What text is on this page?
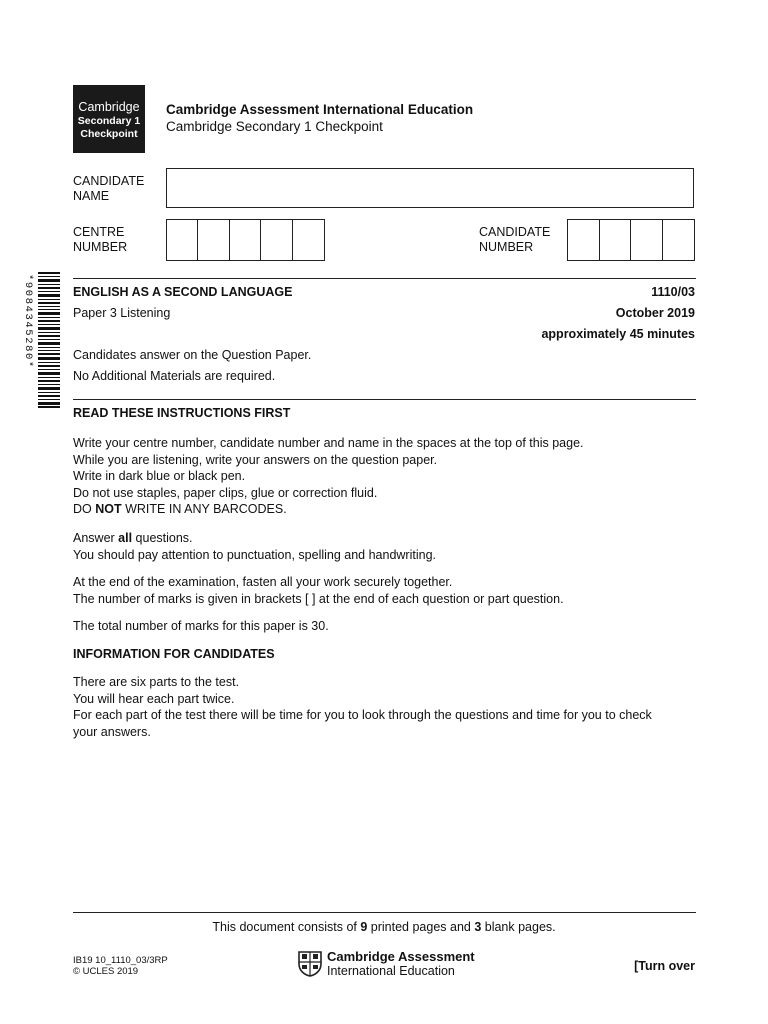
Cambridge
Secondary 1
Checkpoint
Cambridge Assessment International Education
Cambridge Secondary 1 Checkpoint
CANDIDATE
NAME
CENTRE
NUMBER
CANDIDATE
NUMBER
*9084345280*	ENGLISH AS A SECOND LANGUAGE	1110/03
Paper 3 Listening	October 2019
approximately 45 minutes
Candidates answer on the Question Paper.
No Additional Materials are required.
READ THESE INSTRUCTIONS FIRST
Write your centre number, candidate number and name in the spaces at the top of this page.
While you are listening, write your answers on the question paper.
Write in dark blue or black pen.
Do not use staples, paper clips, glue or correction fluid.
DO NOT WRITE IN ANY BARCODES.
Answer all questions.
You should pay attention to punctuation, spelling and handwriting.
At the end of the examination, fasten all your work securely together.
The number of marks is given in brackets [ ] at the end of each question or part question.
The total number of marks for this paper is 30.
INFORMATION FOR CANDIDATES
There are six parts to the test.
You will hear each part twice.
For each part of the test there will be time for you to look through the questions and time for you to check
your answers.
This document consists of 9 printed pages and 3 blank pages.
IB19 10_1110_03/3RP
© UCLES 2019
Cambridge Assessment
International Education	[Turn over
